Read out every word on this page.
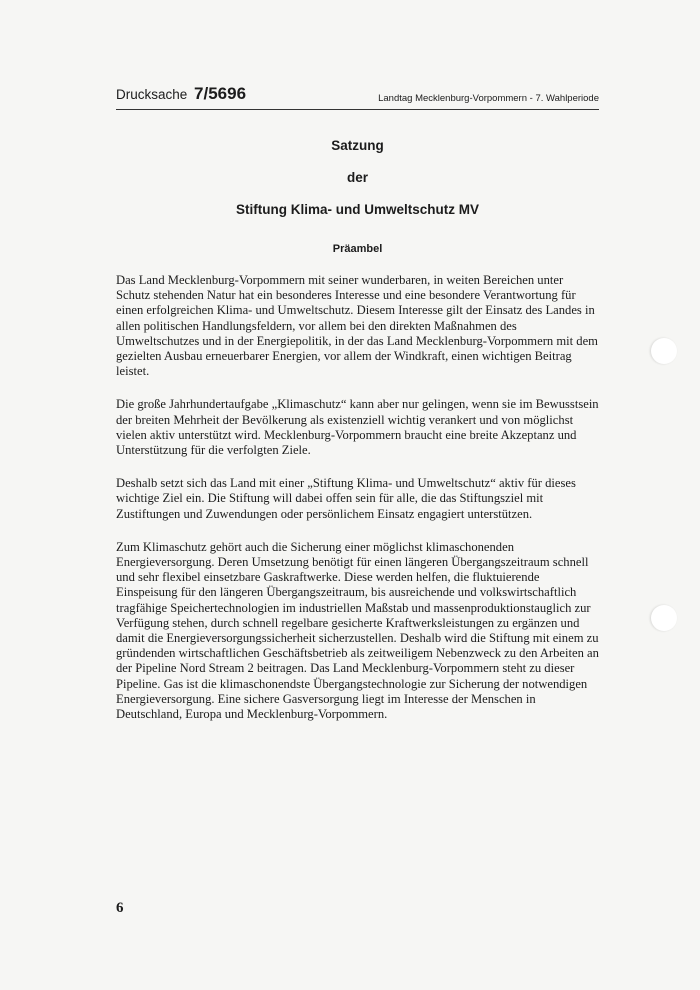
Drucksache 7/5696	Landtag Mecklenburg-Vorpommern - 7. Wahlperiode
Satzung
der
Stiftung Klima- und Umweltschutz MV
Präambel

Das Land Mecklenburg-Vorpommern mit seiner wunderbaren, in weiten Bereichen unter Schutz stehenden Natur hat ein besonderes Interesse und eine besondere Verantwortung für einen erfolgreichen Klima- und Umweltschutz. Diesem Interesse gilt der Einsatz des Landes in allen politischen Handlungsfeldern, vor allem bei den direkten Maßnahmen des Umweltschutzes und in der Energiepolitik, in der das Land Mecklenburg-Vorpommern mit dem gezielten Ausbau erneuerbarer Energien, vor allem der Windkraft, einen wichtigen Beitrag leistet.

Die große Jahrhundertaufgabe „Klimaschutz“ kann aber nur gelingen, wenn sie im Bewusstsein der breiten Mehrheit der Bevölkerung als existenziell wichtig verankert und von möglichst vielen aktiv unterstützt wird. Mecklenburg-Vorpommern braucht eine breite Akzeptanz und Unterstützung für die verfolgten Ziele.

Deshalb setzt sich das Land mit einer „Stiftung Klima- und Umweltschutz“ aktiv für dieses wichtige Ziel ein. Die Stiftung will dabei offen sein für alle, die das Stiftungsziel mit Zustiftungen und Zuwendungen oder persönlichem Einsatz engagiert unterstützen.

Zum Klimaschutz gehört auch die Sicherung einer möglichst klimaschonenden Energieversorgung. Deren Umsetzung benötigt für einen längeren Übergangszeitraum schnell und sehr flexibel einsetzbare Gaskraftwerke. Diese werden helfen, die fluktuierende Einspeisung für den längeren Übergangszeitraum, bis ausreichende und volkswirtschaftlich tragfähige Speichertechnologien im industriellen Maßstab und massenproduktionstauglich zur Verfügung stehen, durch schnell regelbare gesicherte Kraftwerksleistungen zu ergänzen und damit die Energieversorgungssicherheit sicherzustellen. Deshalb wird die Stiftung mit einem zu gründenden wirtschaftlichen Geschäftsbetrieb als zeitweiligem Nebenzweck zu den Arbeiten an der Pipeline Nord Stream 2 beitragen. Das Land Mecklenburg-Vorpommern steht zu dieser Pipeline. Gas ist die klimaschonendste Übergangstechnologie zur Sicherung der notwendigen Energieversorgung. Eine sichere Gasversorgung liegt im Interesse der Menschen in Deutschland, Europa und Mecklenburg-Vorpommern.

6
